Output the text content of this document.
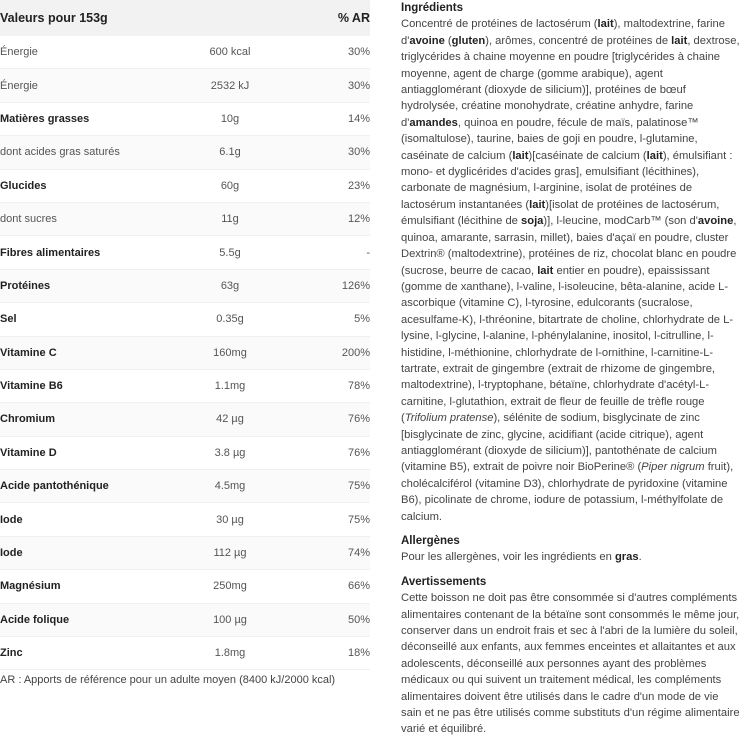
Valeurs pour 153g	% AR
Énergie	600 kcal	30%
Énergie	2532 kJ	30%
Matières grasses	10g	14%
dont acides gras saturés	6.1g	30%
Glucides	60g	23%
dont sucres	11g	12%
Fibres alimentaires	5.5g	-
Protéines	63g	126%
Sel	0.35g	5%
Vitamine C	160mg	200%
Vitamine B6	1.1mg	78%
Chromium	42 µg	76%
Vitamine D	3.8 µg	76%
Acide pantothénique	4.5mg	75%
Iode	30 µg	75%
Iode	112 µg	74%
Magnésium	250mg	66%
Acide folique	100 µg	50%
Zinc	1.8mg	18%
AR : Apports de référence pour un adulte moyen (8400 kJ/2000 kcal)

Ingrédients

Concentré de protéines de lactosérum (lait), maltodextrine, farine d'avoine (gluten), arômes, concentré de protéines de lait, dextrose, triglycérides à chaine moyenne en poudre [triglycérides à chaine moyenne, agent de charge (gomme arabique), agent antiagglomérant (dioxyde de silicium)], protéines de bœuf hydrolysée, créatine monohydrate, créatine anhydre, farine d'amandes, quinoa en poudre, fécule de maïs, palatinose™ (isomaltulose), taurine, baies de goji en poudre, l-glutamine, caséinate de calcium (lait)[caséinate de calcium (lait), émulsifiant : mono- et dyglicérides d'acides gras], emulsifiant (lécithines), carbonate de magnésium, l-arginine, isolat de protéines de lactosérum instantanées (lait)[isolat de protéines de lactosérum, émulsifiant (lécithine de soja)], l-leucine, modCarb™ (son d'avoine, quinoa, amarante, sarrasin, millet), baies d'açaï en poudre, cluster Dextrin® (maltodextrine), protéines de riz, chocolat blanc en poudre (sucrose, beurre de cacao, lait entier en poudre), epaississant (gomme de xanthane), l-valine, l-isoleucine, bêta-alanine, acide L-ascorbique (vitamine C), l-tyrosine, edulcorants (sucralose, acesulfame-K), l-thréonine, bitartrate de choline, chlorhydrate de L-lysine, l-glycine, l-alanine, l-phénylalanine, inositol, l-citrulline, l-histidine, l-méthionine, chlorhydrate de l-ornithine, l-carnitine-L-tartrate, extrait de gingembre (extrait de rhizome de gingembre, maltodextrine), l-tryptophane, bétaïne, chlorhydrate d'acétyl-L-carnitine, l-glutathion, extrait de fleur de feuille de trèfle rouge (Trifolium pratense), sélénite de sodium, bisglycinate de zinc [bisglycinate de zinc, glycine, acidifiant (acide citrique), agent antiagglomérant (dioxyde de silicium)], pantothénate de calcium (vitamine B5), extrait de poivre noir BioPerine® (Piper nigrum fruit), cholécalciférol (vitamine D3), chlorhydrate de pyridoxine (vitamine B6), picolinate de chrome, iodure de potassium, l-méthylfolate de calcium.

Allergènes

Pour les allergènes, voir les ingrédients en gras.

Avertissements

Cette boisson ne doit pas être consommée si d'autres compléments alimentaires contenant de la bétaïne sont consommés le même jour, conserver dans un endroit frais et sec à l'abri de la lumière du soleil, déconseillé aux enfants, aux femmes enceintes et allaitantes et aux adolescents, déconseillé aux personnes ayant des problèmes médicaux ou qui suivent un traitement médical, les compléments alimentaires doivent être utilisés dans le cadre d'un mode de vie sain et ne pas être utilisés comme substituts d'un régime alimentaire varié et équilibré.
